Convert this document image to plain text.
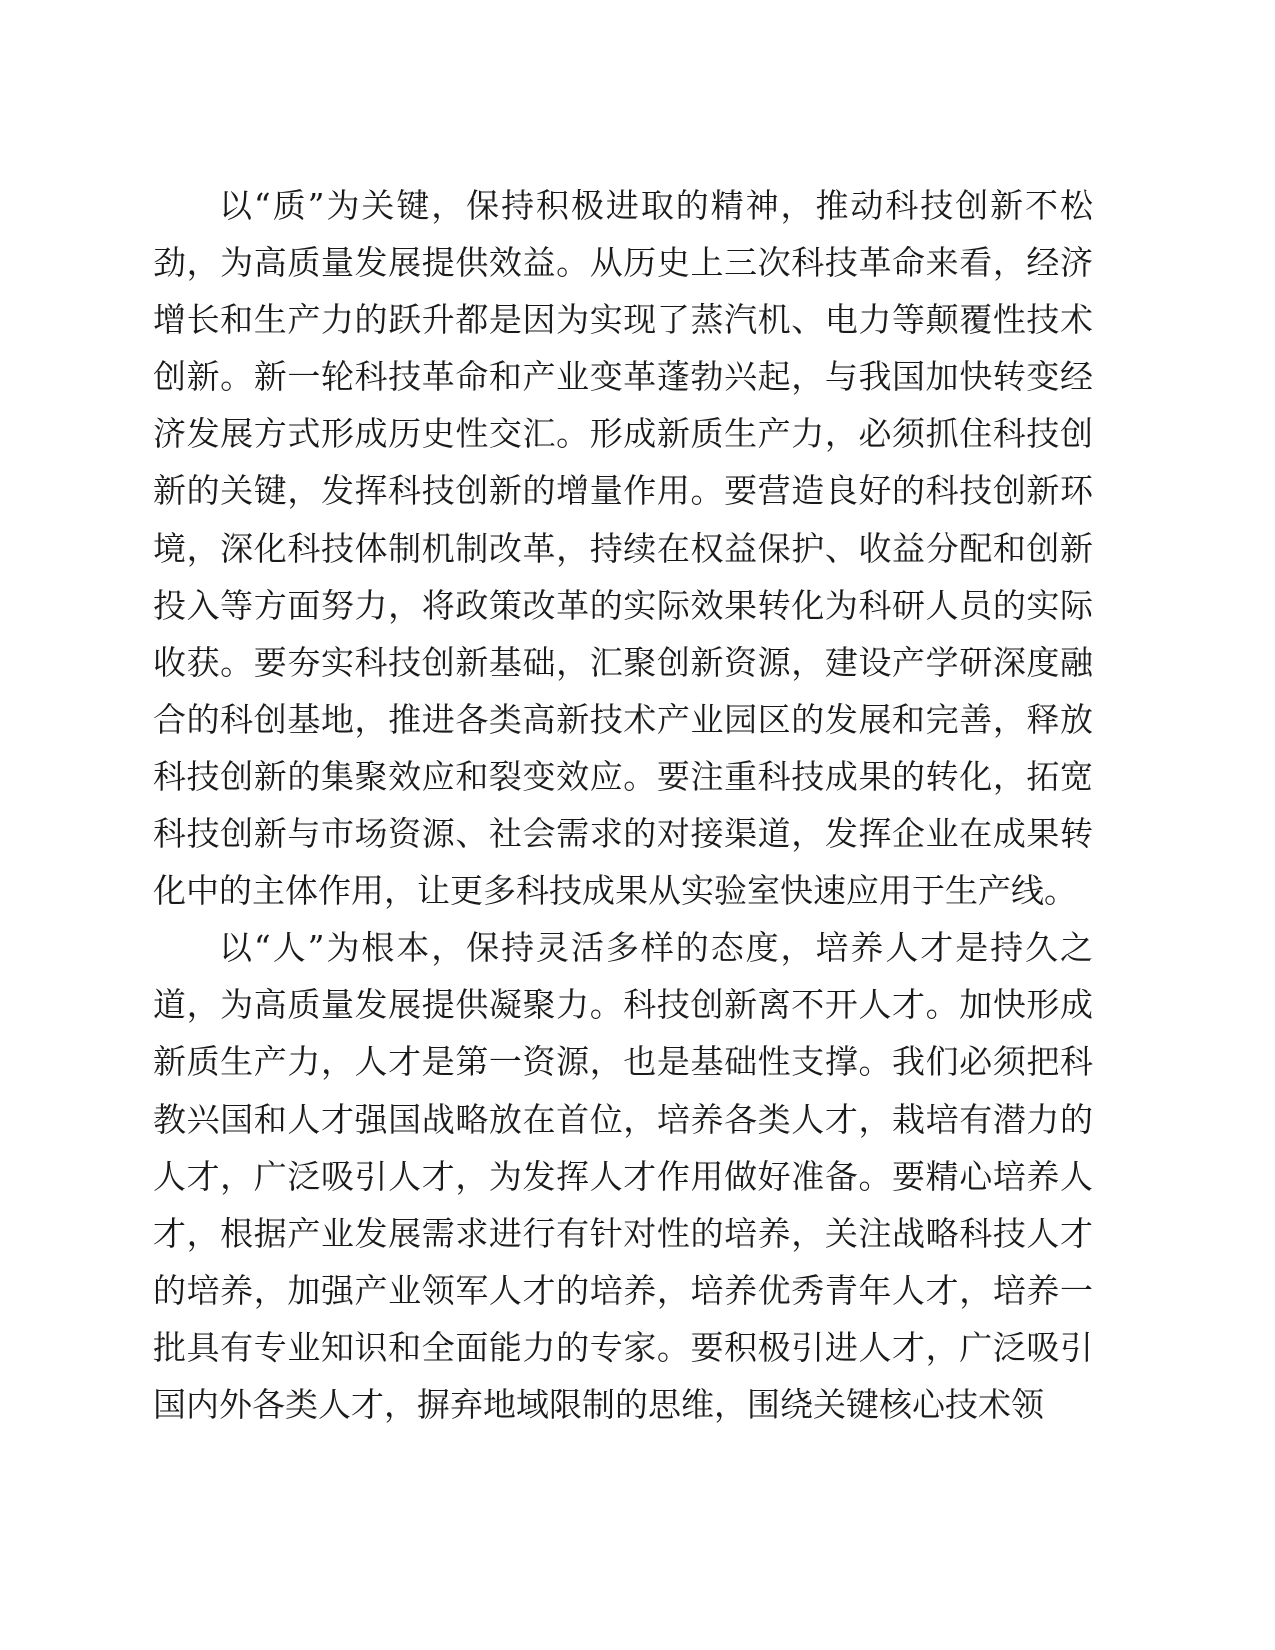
以“质”为关键，保持积极进取的精神，推动科技创新不松
劲，为高质量发展提供效益。从历史上三次科技革命来看，经济
增长和生产力的跃升都是因为实现了蒸汽机、电力等颠覆性技术
创新。新一轮科技革命和产业变革蓬勃兴起，与我国加快转变经
济发展方式形成历史性交汇。形成新质生产力，必须抓住科技创
新的关键，发挥科技创新的增量作用。要营造良好的科技创新环
境，深化科技体制机制改革，持续在权益保护、收益分配和创新
投入等方面努力，将政策改革的实际效果转化为科研人员的实际
收获。要夯实科技创新基础，汇聚创新资源，建设产学研深度融
合的科创基地，推进各类高新技术产业园区的发展和完善，释放
科技创新的集聚效应和裂变效应。要注重科技成果的转化，拓宽
科技创新与市场资源、社会需求的对接渠道，发挥企业在成果转
化中的主体作用，让更多科技成果从实验室快速应用于生产线。
以“人”为根本，保持灵活多样的态度，培养人才是持久之
道，为高质量发展提供凝聚力。科技创新离不开人才。加快形成
新质生产力，人才是第一资源，也是基础性支撑。我们必须把科
教兴国和人才强国战略放在首位，培养各类人才，栽培有潜力的
人才，广泛吸引人才，为发挥人才作用做好准备。要精心培养人
才，根据产业发展需求进行有针对性的培养，关注战略科技人才
的培养，加强产业领军人才的培养，培养优秀青年人才，培养一
批具有专业知识和全面能力的专家。要积极引进人才，广泛吸引
国内外各类人才，摒弃地域限制的思维，围绕关键核心技术领
